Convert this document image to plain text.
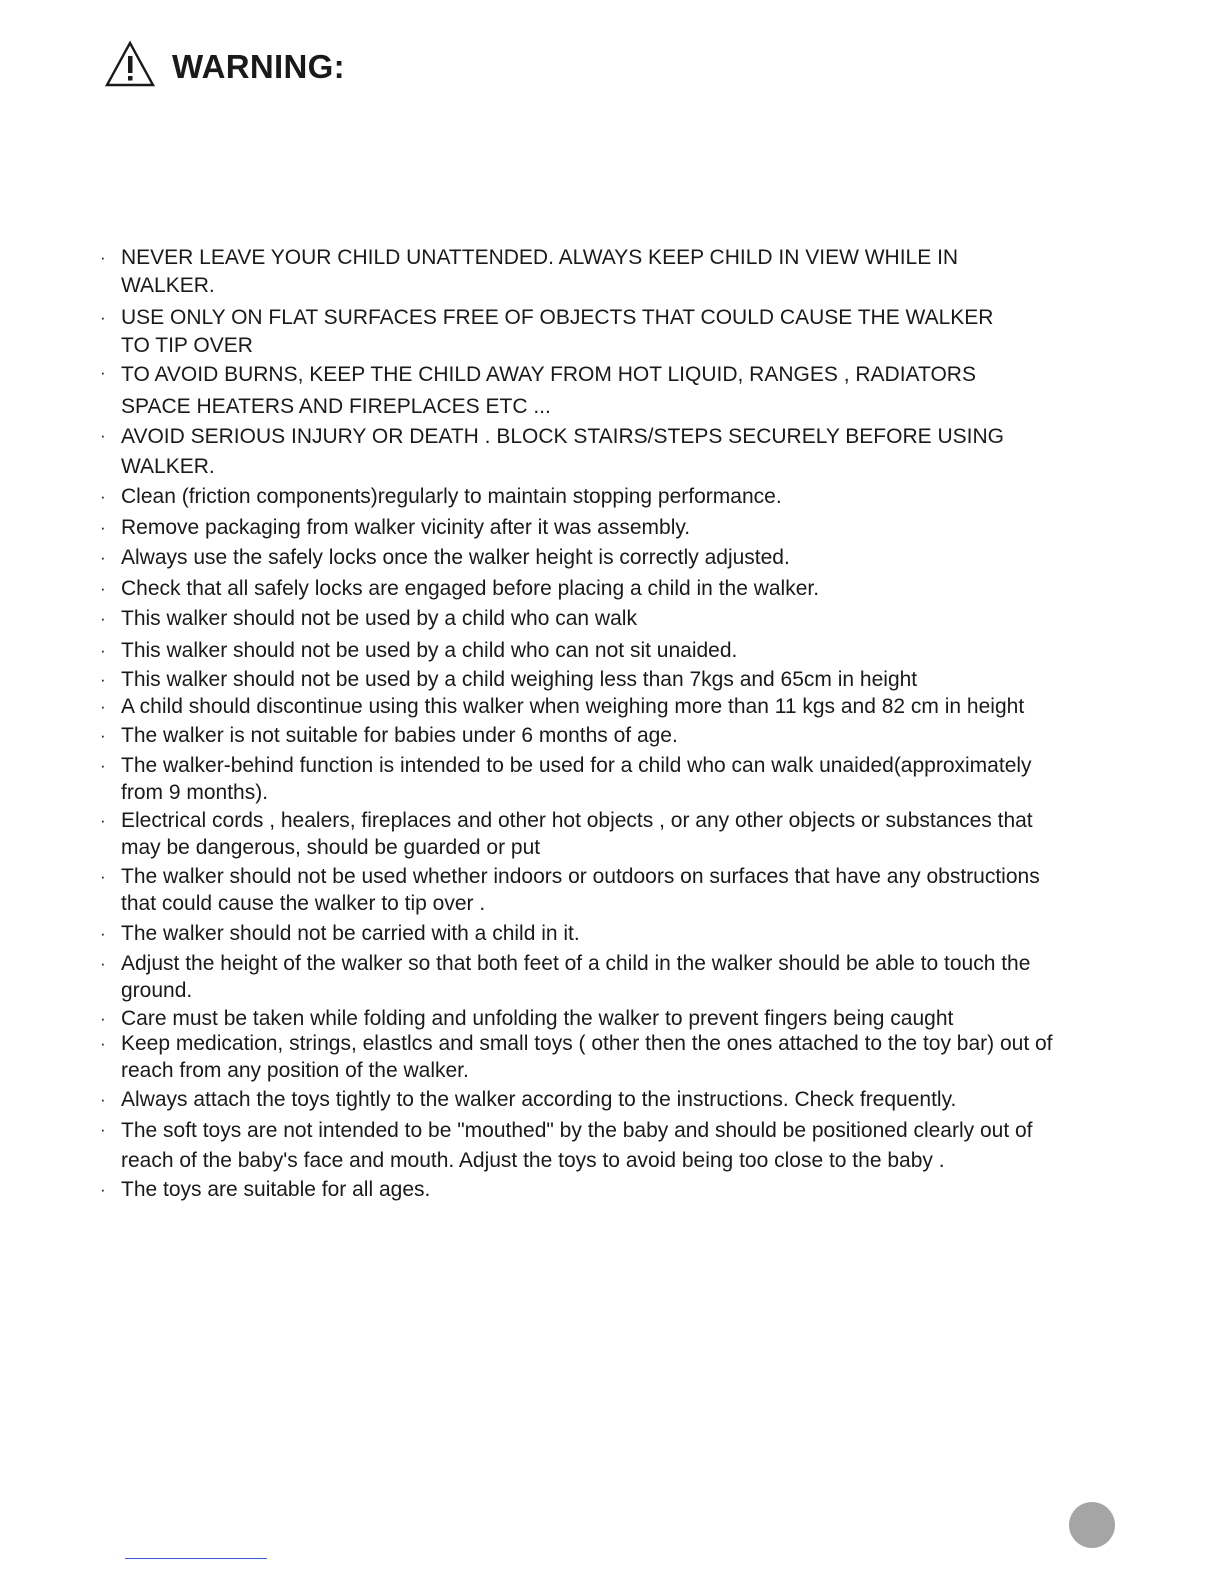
WARNING:
· NEVER LEAVE YOUR CHILD UNATTENDED. ALWAYS KEEP CHILD IN VIEW WHILE IN
WALKER.
· USE ONLY ON FLAT SURFACES FREE OF OBJECTS THAT COULD CAUSE THE WALKER
TO TIP OVER
· TO AVOID BURNS, KEEP THE CHILD AWAY FROM HOT LIQUID, RANGES , RADIATORS
SPACE HEATERS AND FIREPLACES ETC ...
· AVOID SERIOUS INJURY OR DEATH . BLOCK STAIRS/STEPS SECURELY BEFORE USING
WALKER.
· Clean (friction components)regularly to maintain stopping performance.
· Remove packaging from walker vicinity after it was assembly.
· Always use the safely locks once the walker height is correctly adjusted.
· Check that all safely locks are engaged before placing a child in the walker.
· This walker should not be used by a child who can walk
· This walker should not be used by a child who can not sit unaided.
· This walker should not be used by a child weighing less than 7kgs and 65cm in height
· A child should discontinue using this walker when weighing more than 11 kgs and 82 cm in height
· The walker is not suitable for babies under 6 months of age.
· The walker-behind function is intended to be used for a child who can walk unaided(approximately
from 9 months).
· Electrical cords , healers, fireplaces and other hot objects , or any other objects or substances that
may be dangerous, should be guarded or put
· The walker should not be used whether indoors or outdoors on surfaces that have any obstructions
that could cause the walker to tip over .
· The walker should not be carried with a child in it.
· Adjust the height of the walker so that both feet of a child in the walker should be able to touch the
ground.
· Care must be taken while folding and unfolding the walker to prevent fingers being caught
· Keep medication, strings, elastlcs and small toys ( other then the ones attached to the toy bar) out of
reach from any position of the walker.
· Always attach the toys tightly to the walker according to the instructions. Check frequently.
· The soft toys are not intended to be "mouthed" by the baby and should be positioned clearly out of
reach of the baby's face and mouth. Adjust the toys to avoid being too close to the baby .
· The toys are suitable for all ages.
